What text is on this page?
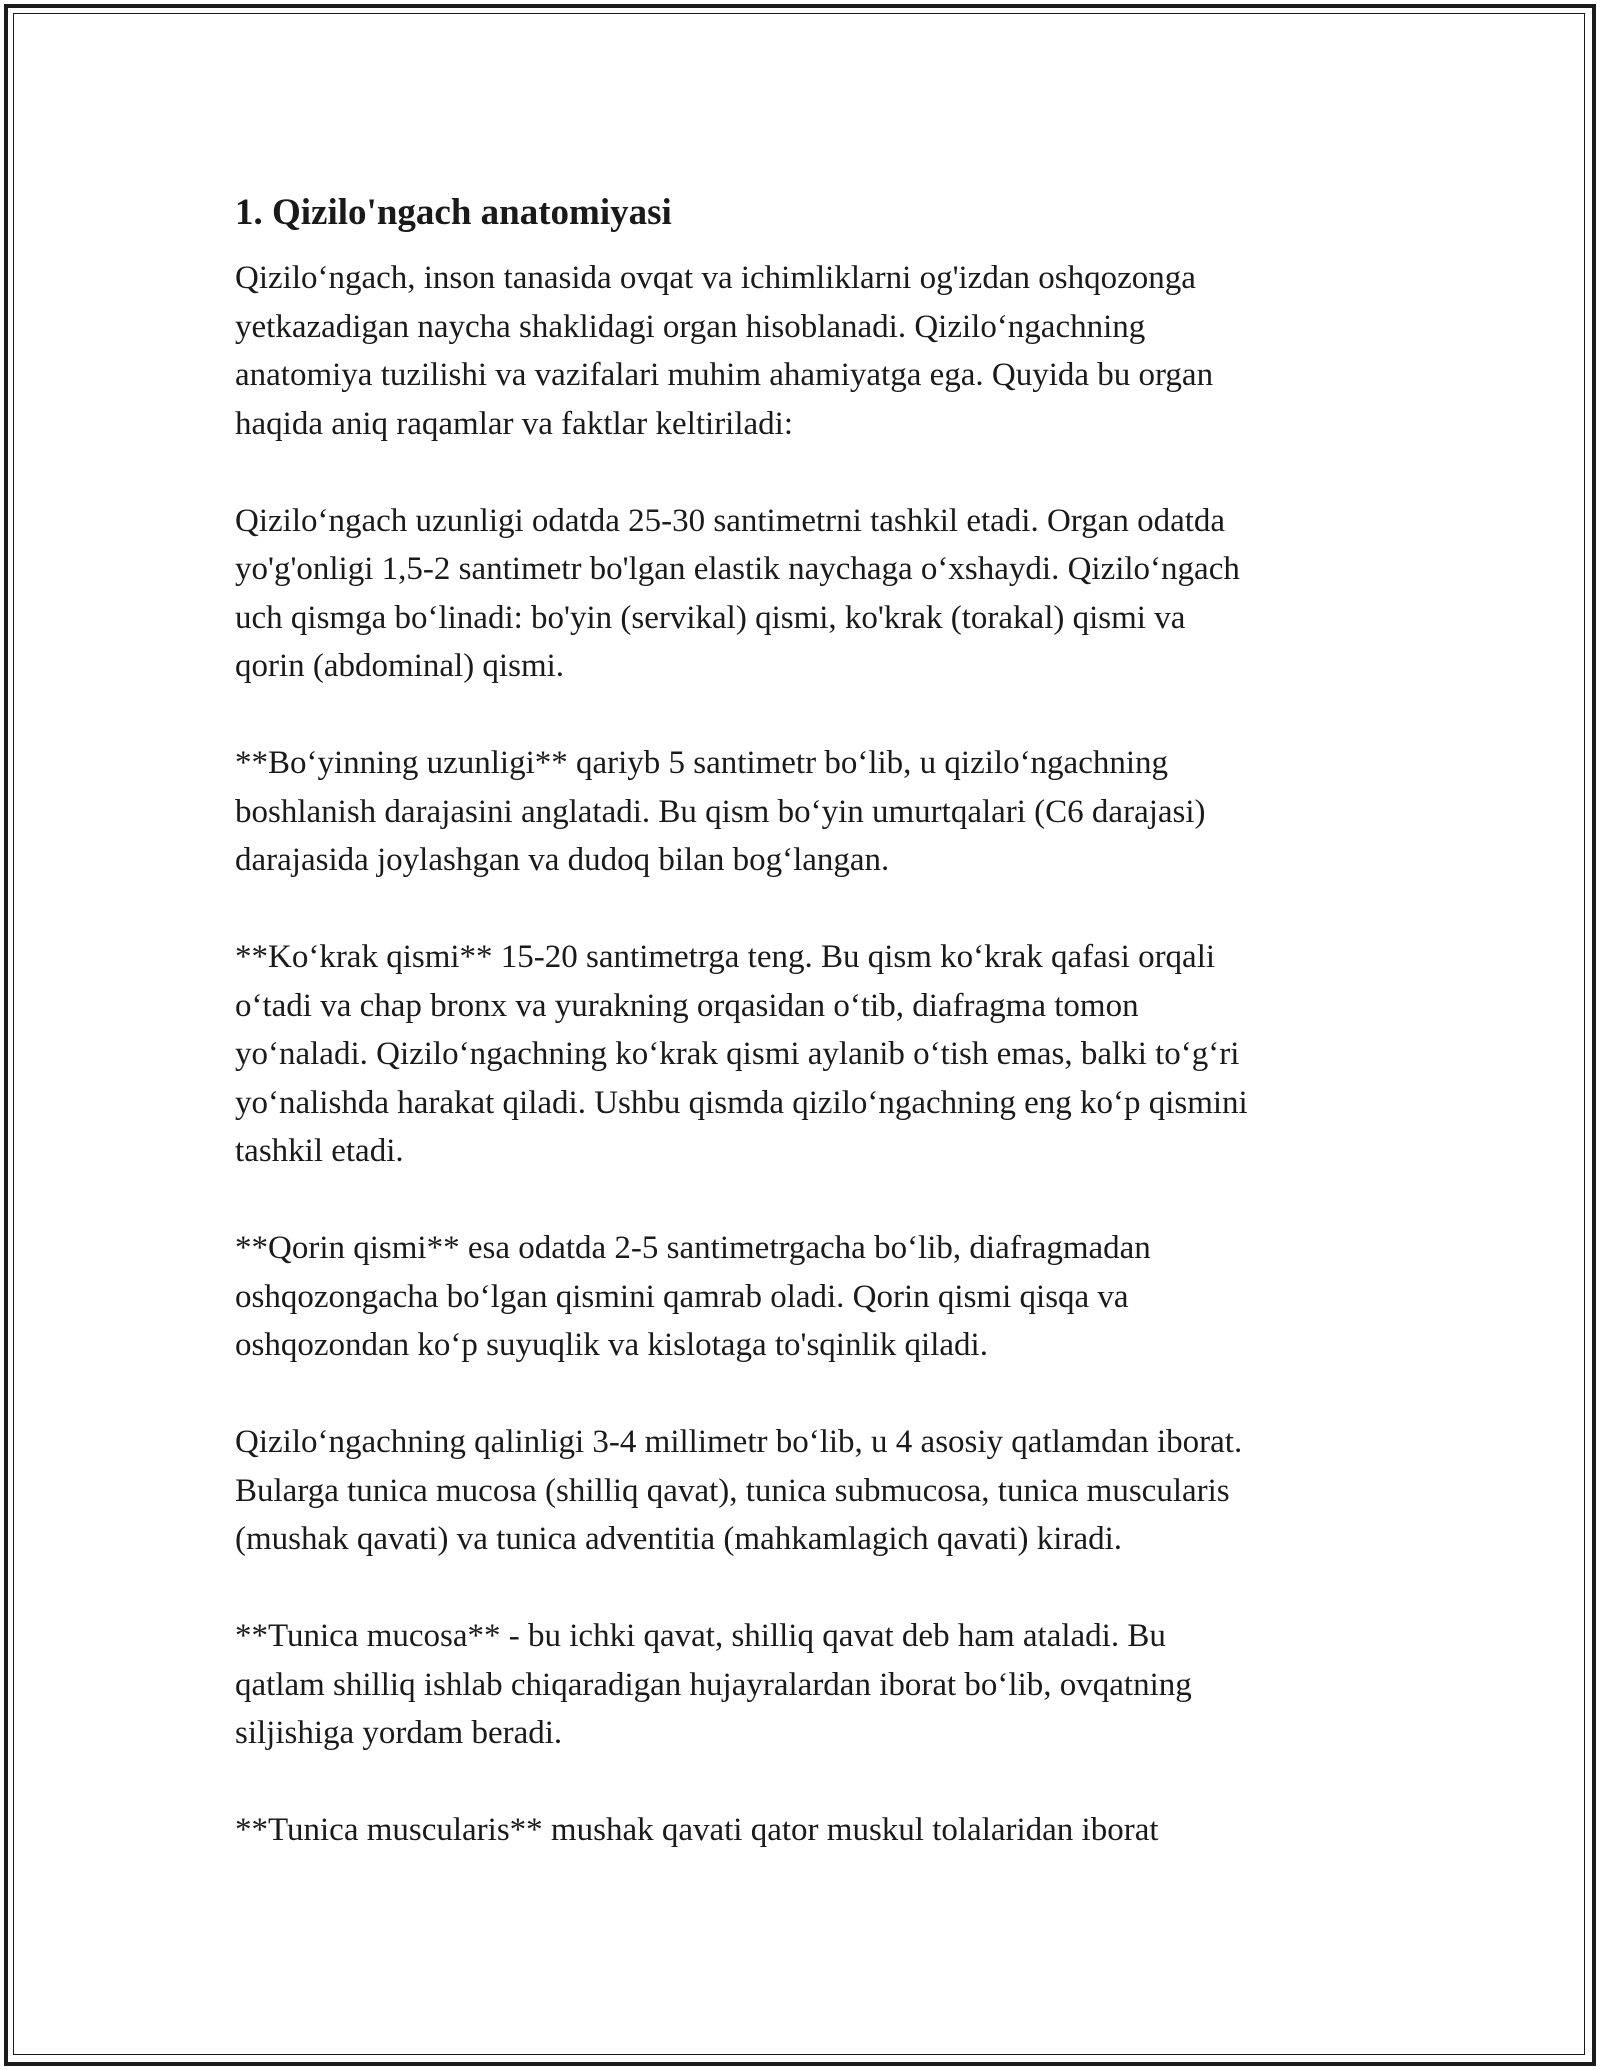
1. Qizilo'ngach anatomiyasi

Qizilo‘ngach, inson tanasida ovqat va ichimliklarni og'izdan oshqozonga
yetkazadigan naycha shaklidagi organ hisoblanadi. Qizilo‘ngachning
anatomiya tuzilishi va vazifalari muhim ahamiyatga ega. Quyida bu organ
haqida aniq raqamlar va faktlar keltiriladi:

Qizilo‘ngach uzunligi odatda 25-30 santimetrni tashkil etadi. Organ odatda
yo'g'onligi 1,5-2 santimetr bo'lgan elastik naychaga o‘xshaydi. Qizilo‘ngach
uch qismga bo‘linadi: bo'yin (servikal) qismi, ko'krak (torakal) qismi va
qorin (abdominal) qismi.

**Bo‘yinning uzunligi** qariyb 5 santimetr bo‘lib, u qizilo‘ngachning
boshlanish darajasini anglatadi. Bu qism bo‘yin umurtqalari (C6 darajasi)
darajasida joylashgan va dudoq bilan bog‘langan.

**Ko‘krak qismi** 15-20 santimetrga teng. Bu qism ko‘krak qafasi orqali
o‘tadi va chap bronx va yurakning orqasidan o‘tib, diafragma tomon
yo‘naladi. Qizilo‘ngachning ko‘krak qismi aylanib o‘tish emas, balki to‘g‘ri
yo‘nalishda harakat qiladi. Ushbu qismda qizilo‘ngachning eng ko‘p qismini
tashkil etadi.

**Qorin qismi** esa odatda 2-5 santimetrgacha bo‘lib, diafragmadan
oshqozongacha bo‘lgan qismini qamrab oladi. Qorin qismi qisqa va
oshqozondan ko‘p suyuqlik va kislotaga to'sqinlik qiladi.

Qizilo‘ngachning qalinligi 3-4 millimetr bo‘lib, u 4 asosiy qatlamdan iborat.
Bularga tunica mucosa (shilliq qavat), tunica submucosa, tunica muscularis
(mushak qavati) va tunica adventitia (mahkamlagich qavati) kiradi.

**Tunica mucosa** - bu ichki qavat, shilliq qavat deb ham ataladi. Bu
qatlam shilliq ishlab chiqaradigan hujayralardan iborat bo‘lib, ovqatning
siljishiga yordam beradi.

**Tunica muscularis** mushak qavati qator muskul tolalaridan iborat
